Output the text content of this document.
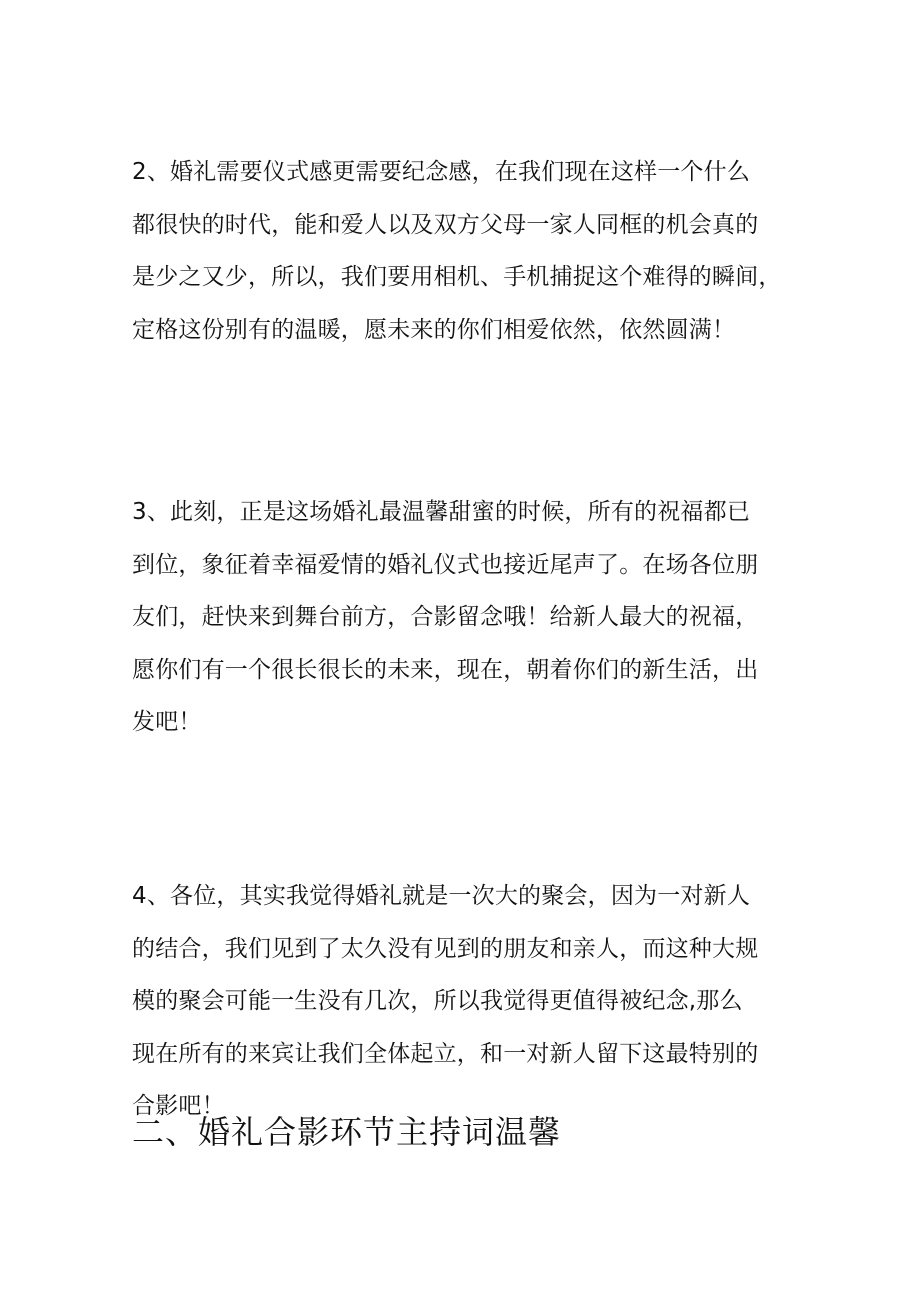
2、婚礼需要仪式感更需要纪念感，在我们现在这样一个什么
都很快的时代，能和爱人以及双方父母一家人同框的机会真的
是少之又少，所以，我们要用相机、手机捕捉这个难得的瞬间，
定格这份别有的温暖，愿未来的你们相爱依然，依然圆满！
3、此刻，正是这场婚礼最温馨甜蜜的时候，所有的祝福都已
到位，象征着幸福爱情的婚礼仪式也接近尾声了。在场各位朋
友们，赶快来到舞台前方，合影留念哦！给新人最大的祝福，
愿你们有一个很长很长的未来，现在，朝着你们的新生活，出
发吧！
4、各位，其实我觉得婚礼就是一次大的聚会，因为一对新人
的结合，我们见到了太久没有见到的朋友和亲人，而这种大规
模的聚会可能一生没有几次，所以我觉得更值得被纪念,那么
现在所有的来宾让我们全体起立，和一对新人留下这最特别的
合影吧！
二、婚礼合影环节主持词温馨
